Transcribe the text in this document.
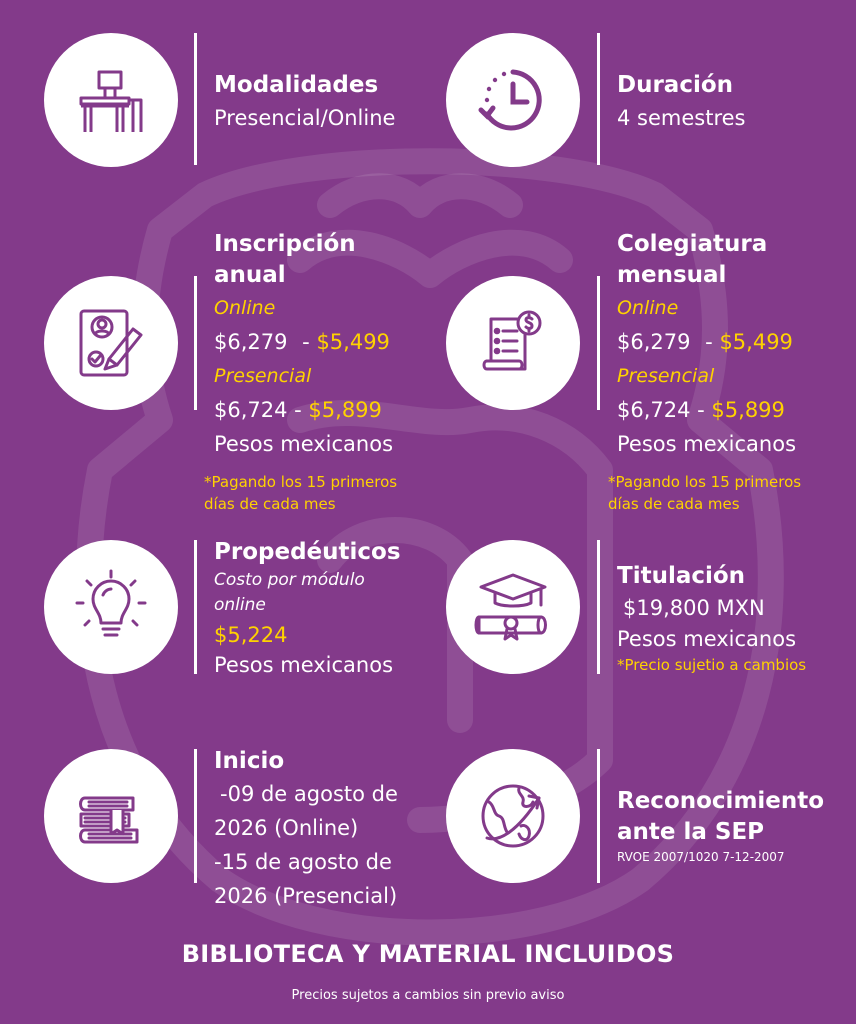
Modalidades
Presencial/Online
Duración
4 semestres
Inscripción
anual
Online
$6,279 - $5,499
Presencial
$6,724 - $5,899
Pesos mexicanos
*Pagando los 15 primeros
días de cada mes
Colegiatura
mensual
Online
$6,279 - $5,499
Presencial
$6,724 - $5,899
Pesos mexicanos
*Pagando los 15 primeros
días de cada mes
Propedéuticos
Costo por módulo
online
$5,224
Pesos mexicanos
Titulación
$19,800 MXN
Pesos mexicanos
*Precio sujetio a cambios
Inicio
-09 de agosto de
2026 (Online)
-15 de agosto de
2026 (Presencial)
Reconocimiento
ante la SEP
RVOE 2007/1020 7-12-2007
BIBLIOTECA Y MATERIAL INCLUIDOS
Precios sujetos a cambios sin previo aviso
